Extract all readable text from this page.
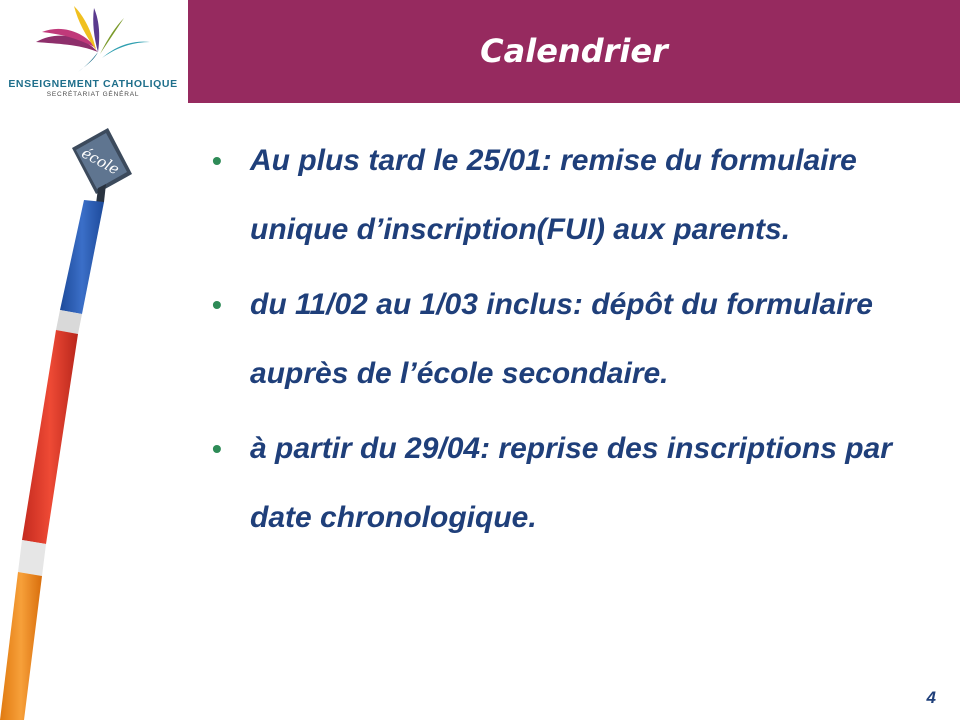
ENSEIGNEMENT CATHOLIQUE
SECRÉTARIAT GÉNÉRAL
Calendrier
école	• Au plus tard le 25/01: remise du formulaire unique d’inscription(FUI) aux parents.
• du 11/02 au 1/03 inclus: dépôt du formulaire auprès de l’école secondaire.
• à partir du 29/04: reprise des inscriptions par date chronologique.
4
